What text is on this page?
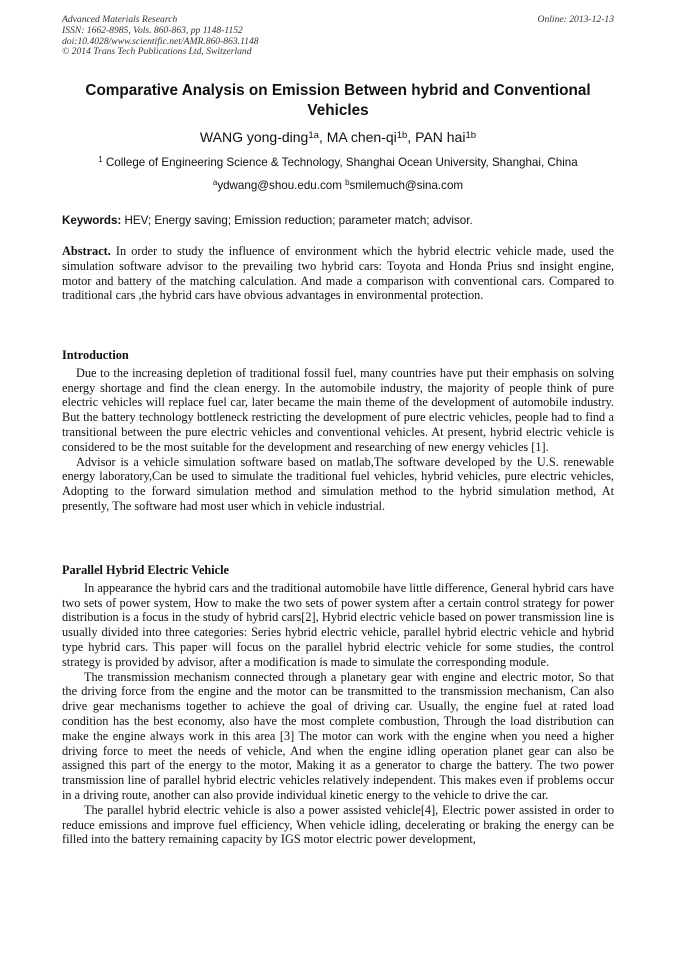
Advanced Materials Research
ISSN: 1662-8985, Vols. 860-863, pp 1148-1152
doi:10.4028/www.scientific.net/AMR.860-863.1148
© 2014 Trans Tech Publications Ltd, Switzerland
Online: 2013-12-13
Comparative Analysis on Emission Between hybrid and Conventional Vehicles
WANG yong-ding$^{1a}$, MA chen-$qi^{1b}$, PAN hai$^{1b}$
$^1$ College of Engineering Science & Technology, Shanghai Ocean University, Shanghai, China
$^a$ydwang@shou.edu.com $^b$smilemuch@sina.com
Keywords: HEV; Energy saving; Emission reduction; parameter match; advisor.

Abstract. In order to study the influence of environment which the hybrid electric vehicle made, used the simulation software advisor to the prevailing two hybrid cars: Toyota and Honda Prius snd insight engine, motor and battery of the matching calculation. And made a comparison with conventional cars. Compared to traditional cars ,the hybrid cars have obvious advantages in environmental protection.

Introduction

Due to the increasing depletion of traditional fossil fuel, many countries have put their emphasis on solving energy shortage and find the clean energy. In the automobile industry, the majority of people think of pure electric vehicles will replace fuel car, later became the main theme of the development of automobile industry. But the battery technology bottleneck restricting the development of pure electric vehicles, people had to find a transitional between the pure electric vehicles and conventional vehicles. At present, hybrid electric vehicle is considered to be the most suitable for the development and researching of new energy vehicles [1].

Advisor is a vehicle simulation software based on matlab,The software developed by the U.S. renewable energy laboratory,Can be used to simulate the traditional fuel vehicles, hybrid vehicles, pure electric vehicles, Adopting to the forward simulation method and simulation method to the hybrid simulation method, At presently, The software had most user which in vehicle industrial.

Parallel Hybrid Electric Vehicle

In appearance the hybrid cars and the traditional automobile have little difference, General hybrid cars have two sets of power system, How to make the two sets of power system after a certain control strategy for power distribution is a focus in the study of hybrid cars[2], Hybrid electric vehicle based on power transmission line is usually divided into three categories: Series hybrid electric vehicle, parallel hybrid electric vehicle and hybrid type hybrid cars. This paper will focus on the parallel hybrid electric vehicle for some studies, the control strategy is provided by advisor, after a modification is made to simulate the corresponding module.

The transmission mechanism connected through a planetary gear with engine and electric motor, So that the driving force from the engine and the motor can be transmitted to the transmission mechanism, Can also drive gear mechanisms together to achieve the goal of driving car. Usually, the engine fuel at rated load condition has the best economy, also have the most complete combustion, Through the load distribution can make the engine always work in this area [3] The motor can work with the engine when you need a higher driving force to meet the needs of vehicle, And when the engine idling operation planet gear can also be assigned this part of the energy to the motor, Making it as a generator to charge the battery. The two power transmission line of parallel hybrid electric vehicles relatively independent. This makes even if problems occur in a driving route, another can also provide individual kinetic energy to the vehicle to drive the car.

The parallel hybrid electric vehicle is also a power assisted vehicle[4], Electric power assisted in order to reduce emissions and improve fuel efficiency, When vehicle idling, decelerating or braking the energy can be filled into the battery remaining capacity by IGS motor electric power development,
